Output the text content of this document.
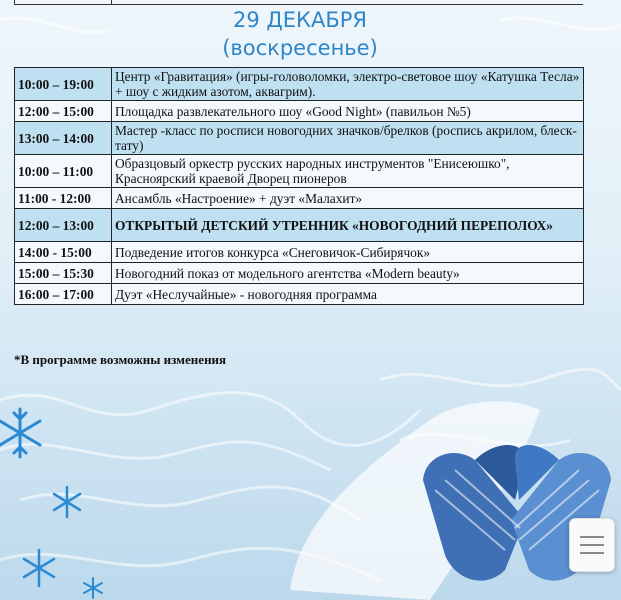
29 ДЕКАБРЯ
(воскресенье)
10:00 – 19:00	Центр «Гравитация» (игры-головоломки, электро-световое шоу «Катушка Тесла» + шоу с жидким азотом, аквагрим).
12:00 – 15:00	Площадка развлекательного шоу «Good Night» (павильон №5)
13:00 – 14:00	Мастер -класс по росписи новогодних значков/брелков (роспись акрилом, блеск-тату)
10:00 – 11:00	Образцовый оркестр русских народных инструментов "Енисеюшко", Красноярский краевой Дворец пионеров
11:00 - 12:00	Ансамбль «Настроение» + дуэт «Малахит»
12:00 – 13:00	ОТКРЫТЫЙ ДЕТСКИЙ УТРЕННИК «НОВОГОДНИЙ ПЕРЕПОЛОХ»
14:00 - 15:00	Подведение итогов конкурса «Снеговичок-Сибирячок»
15:00 – 15:30	Новогодний показ от модельного агентства «Modern beauty»
16:00 – 17:00	Дуэт «Неслучайные» - новогодняя программа
*В программе возможны изменения
